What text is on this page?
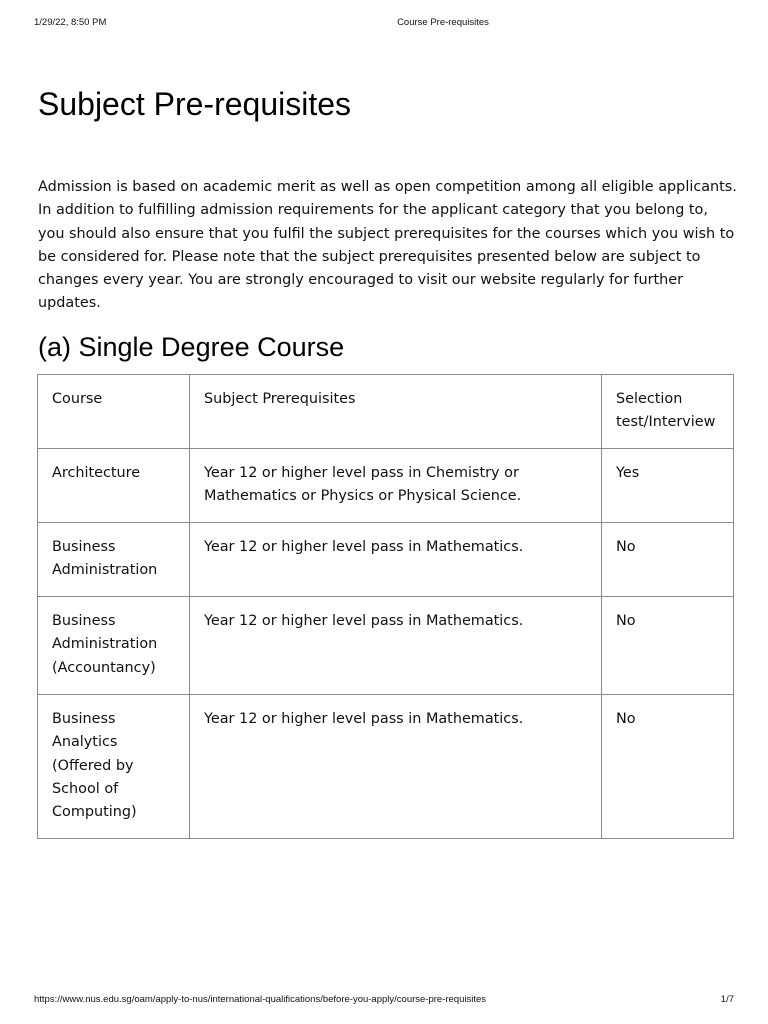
1/29/22, 8:50 PM	Course Pre-requisites
Subject Pre-requisites

Admission is based on academic merit as well as open competition among all eligible applicants. In addition to fulfilling admission requirements for the applicant category that you belong to, you should also ensure that you fulfil the subject prerequisites for the courses which you wish to be considered for. Please note that the subject prerequisites presented below are subject to changes every year. You are strongly encouraged to visit our website regularly for further updates.

(a) Single Degree Course
Course	Subject Prerequisites	Selection test/Interview
Architecture	Year 12 or higher level pass in Chemistry or Mathematics or Physics or Physical Science.	Yes
Business Administration	Year 12 or higher level pass in Mathematics.	No
Business Administration (Accountancy)	Year 12 or higher level pass in Mathematics.	No
Business Analytics (Offered by School of Computing)	Year 12 or higher level pass in Mathematics.	No
https://www.nus.edu.sg/oam/apply-to-nus/international-qualifications/before-you-apply/course-pre-requisites	1/7
